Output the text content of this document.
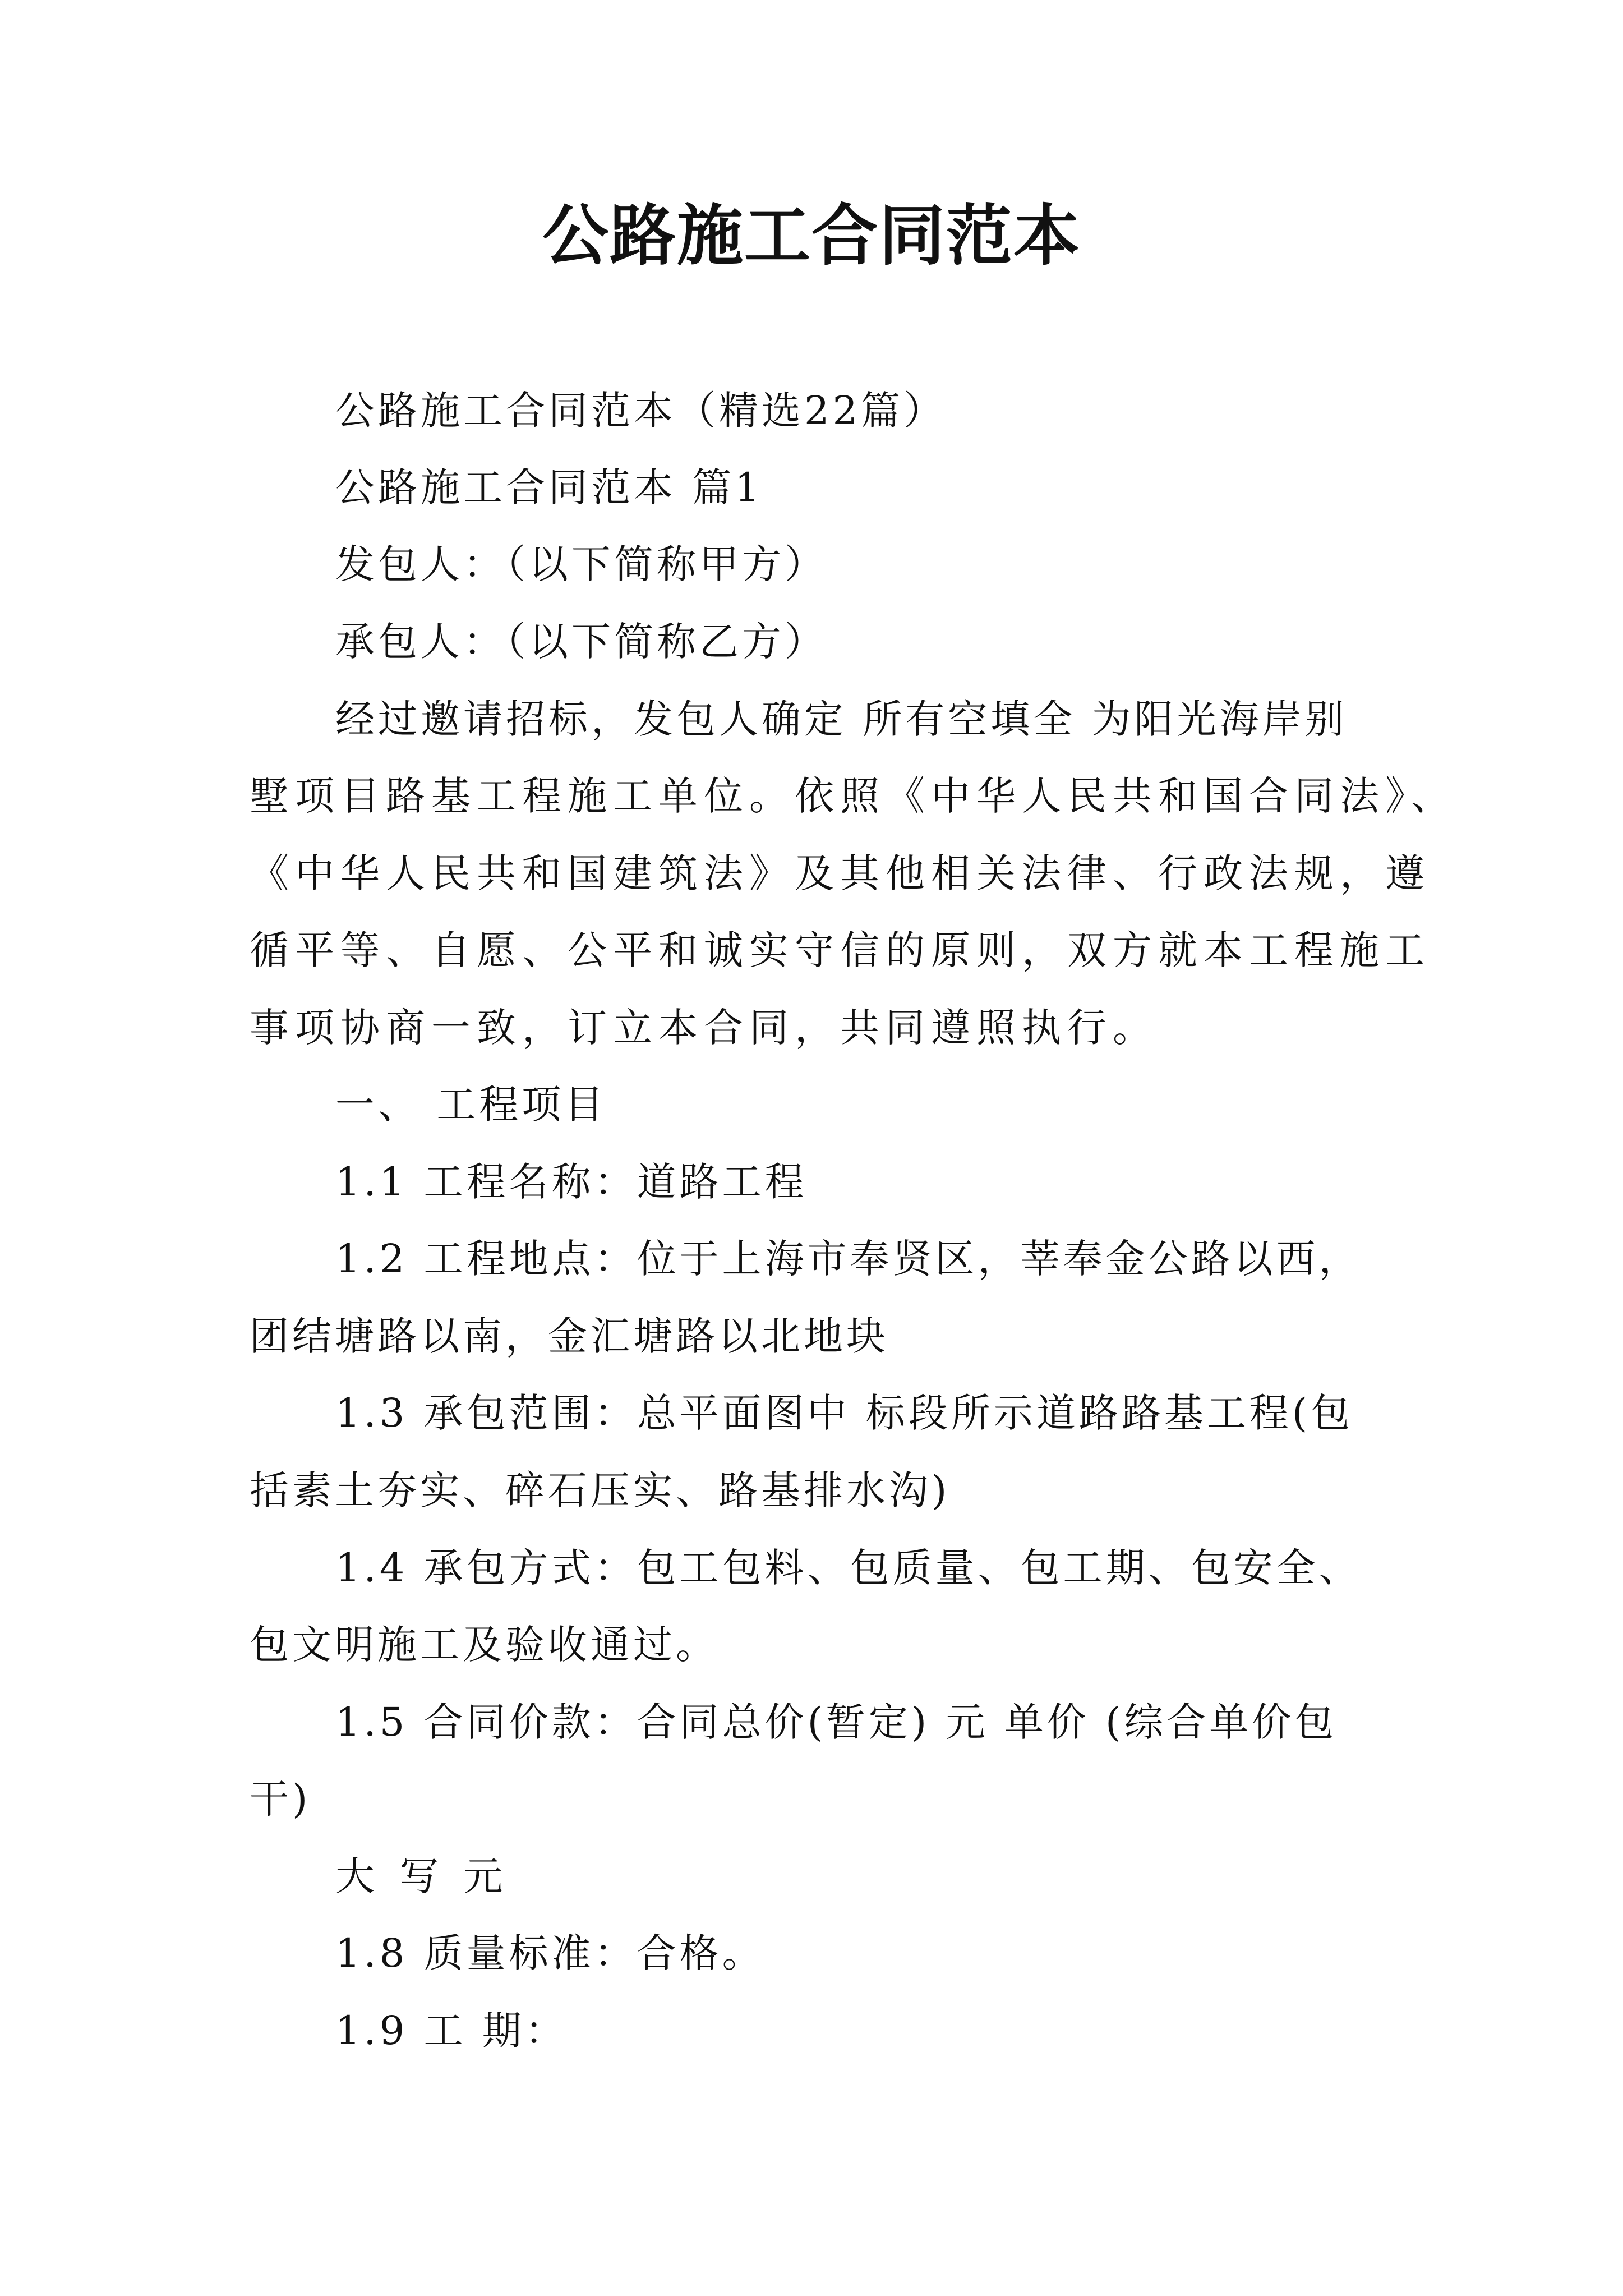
公路施工合同范本
公路施工合同范本（精选22篇）
公路施工合同范本 篇1
发包人：（以下简称甲方）
承包人：（以下简称乙方）
经过邀请招标，发包人确定 所有空填全 为阳光海岸别
墅项目路基工程施工单位。依照《中华人民共和国合同法》、
《中华人民共和国建筑法》及其他相关法律、行政法规，遵
循平等、自愿、公平和诚实守信的原则，双方就本工程施工
事项协商一致，订立本合同，共同遵照执行。
一、 工程项目
1.1 工程名称：道路工程
1.2 工程地点：位于上海市奉贤区，莘奉金公路以西，
团结塘路以南，金汇塘路以北地块
1.3 承包范围：总平面图中 标段所示道路路基工程(包
括素土夯实、碎石压实、路基排水沟)
1.4 承包方式：包工包料、包质量、包工期、包安全、
包文明施工及验收通过。
1.5 合同价款：合同总价(暂定) 元 单价 (综合单价包
干)
大 写 元
1.8 质量标准：合格。
1.9 工 期：
